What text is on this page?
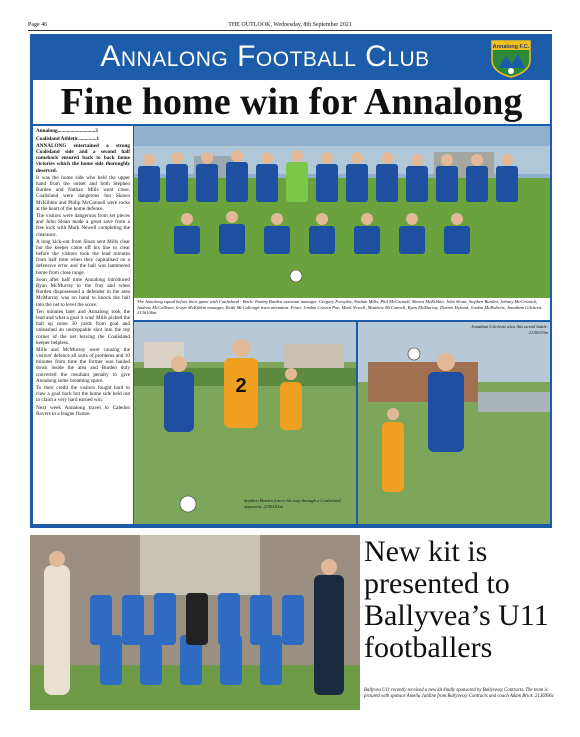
Page 46	THE OUTLOOK, Wednesday, 8th September 2021
Annalong Football Club	Annalong F.C.
Fine home win for Annalong

Annalong.............................3

Coalisland Athletic..............1

ANNALONG entertained a strong Coalisland side and a second half comeback ensured back to back home victories which the home side thoroughly deserved.

It was the home side who held the upper hand from the outset and both Stephen Burden and Nathan Mills went close. Coalisland were dangerous but Shawn McKibbin and Philip McConnell were rocks at the heart of the home defence.

The visitors were dangerous from set pieces and John Sloan made a great save from a free kick with Mark Newell completing the clearance.

A long kick-out from Sloan sent Mills clear but the keeper came off his line to clear before the visitors took the lead minutes from half time when they capitalised on a defensive error and the ball was hammered home from close range.

Soon after half time Annalong introduced Ryan McMurray to the fray and when Burden dispossessed a defender in the area McMurray was on hand to knock the ball into the net to level the score.

Ten minutes later and Annalong took the lead and what a goal it was! Mills picked the ball up some 30 yards from goal and unleashed an unstoppable shot into the top corner of the net leaving the Coalisland keeper helpless.

Mills and McMurray were causing the visitors' defence all sorts of problems and 10 minutes from time the former was hauled down inside the area and Burden duly converted the resultant penalty to give Annalong some breathing space.

To their credit the visitors fought hard to claw a goal back but the home side held out to claim a very hard earned win.

Next week Annalong travel to Caledon Rovers in a league fixture.

The Annalong squad before their game with Coalisland - Back: Tommy Burden assistant manager, Gregory Forsythe, Nathan Mills, Phil McConnell, Shawn McKibbin, John Sloan, Stephen Burden, Johnny McCormick, Andrew McCallister, Irwyn McKibbin manager, Keith McCullough team attendant. Front: Jordan Craven Poe, Mark Newell, Matthew McConnell, Ryan McMurray, Darren Hyland, Jordan McRoberts, Jonathan Gilchrist. 2136106m
2
Stephen Burden forces his way through a Coalisland opponent. 2136101m
Jonathan Gilchrist wins this aerial battle. 2136103m
New kit is presented to Ballyvea’s U11 footballers
Ballyvea U11 recently received a new kit kindly sponsored by Ballyvessy Contracts. The team is pictured with sponsor Amelia Jardine from Ballyvessy Contracts and coach Adam Brick. 2136996c
